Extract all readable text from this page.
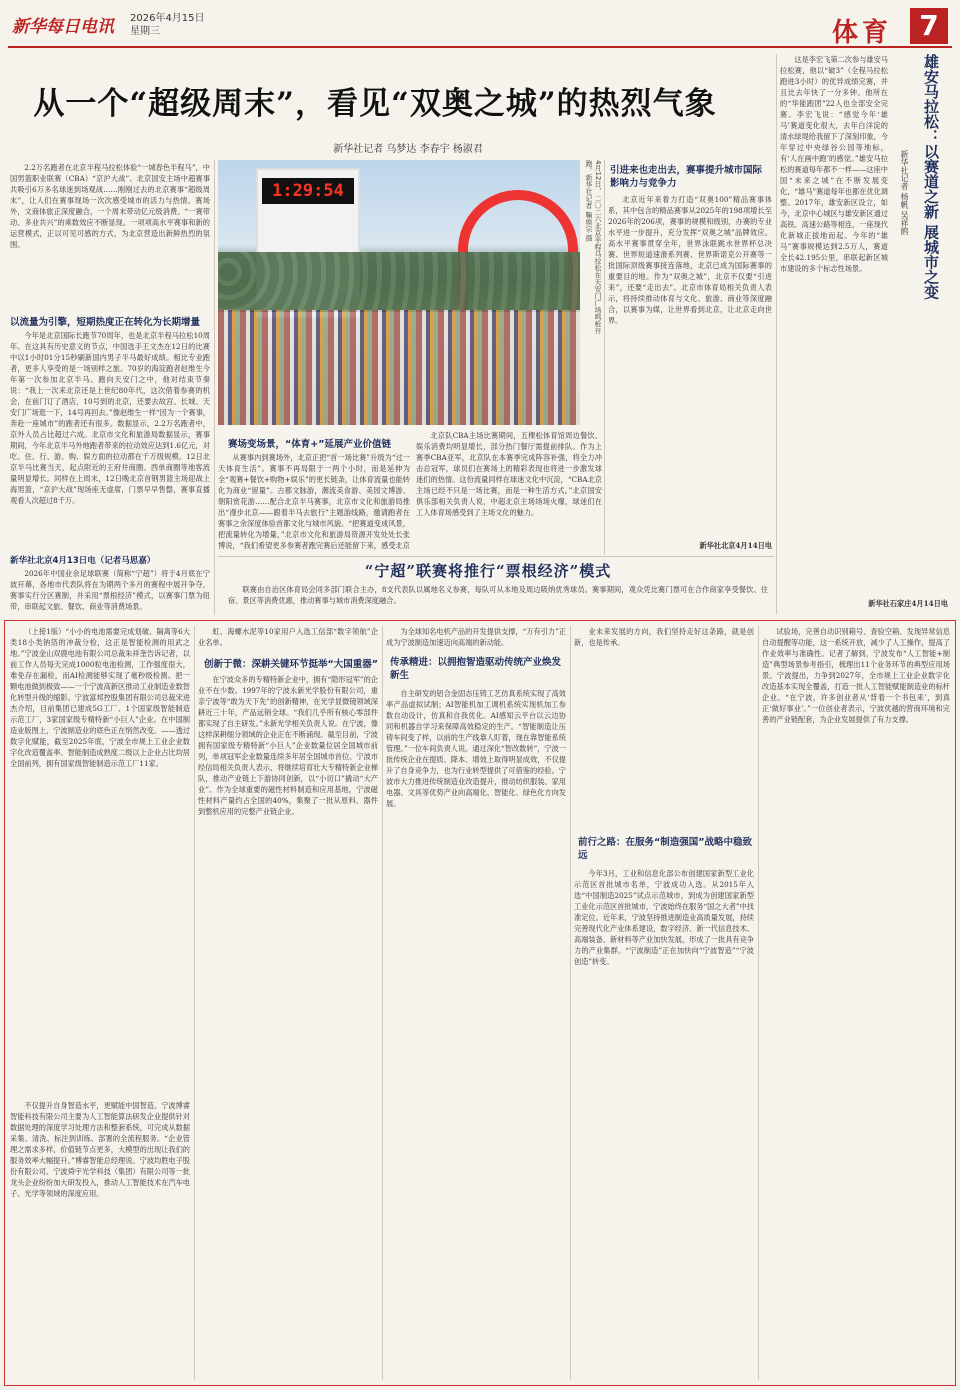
新华每日电讯 2026年4月15日
星期三	体育 7
从一个“超级周末”，看见“双奥之城”的热烈气象
新华社记者 乌梦达 李春宇 杨淑君

2.2万名跑者在北京半程马拉松体验“一城春色半程马”，中国男篮职业联赛（CBA）“京沪大战”、北京国安主场中超赛事共吸引6万多名球迷到场观战……刚刚过去的北京赛事“超级周末”，让人们在赛事现场一次次感受城市的活力与热情。赛场外，文商体旅正深度融合，一个周末带动亿元级消费。“一赛带动、多业共兴”的乘数效应不断显现。一项项高水平赛事和新的运营模式，正以可见可感的方式，为北京营造出新鲜热烈的氛围。

以流量为引擎，短期热度正在转化为长期增量

今年是北京国际长跑节70周年，也是北京半程马拉松10周年。在这具有历史意义的节点，中国选手王文杰在12日的比赛中以1小时01分15秒刷新国内男子半马最好成绩。相比专业跑者，更多人享受的是一场别样之旅。70岁的海淀跑者赵维生今年第一次参加北京半马。跑向天安门之中，他对结束节奏说：“我上一次来北京还是上世纪80年代，这次借着参赛的机会，在前门订了酒店，10号到的北京，还要去故宫、长城、天安门广场逛一下，14号再回去。”像赵维生一样“因为一个赛事，奔赴一座城市”的跑者还有很多。数据显示，2.2万名跑者中，京外人员占比超过六成。北京市文化和旅游局数据显示，赛事期间，今年北京半马外地跑者带来的拉动效应达到1.6亿元，对吃、住、行、游、购、娱方面的拉动都在千万级规模。12日北京半马比赛当天，起点附近的王府井商圈、西单商圈等地客流量明显增长。同样在上周末，12日晚北京首钢男篮主场迎战上海男篮，“京沪大战”现场座无虚席，门票早早售罄，赛事直播观看人次超过8千万。

新华社北京4月13日电（记者马思嘉）

2026年中国业余足球联赛（简称“宁超”）将于4月底在宁波开幕，各地市代表队将在为期两个多月的赛程中展开争夺，赛事实行分区赛制，并采用“票根经济”模式，以赛事门票为纽带，串联起文旅、餐饮、商业等消费场景。

1:29:54	4月12日，二〇二六北京半程马拉松在天安门广场鸣枪开跑。新华社记者 鞠焕宗 摄
赛场变场景，“体育+”延展产业价值链

从赛事内到赛场外，北京正把“首一场比赛”升级为“过一天体育生活”。赛事不再局限于一两个小时，而是延伸为全“观赛+餐饮+购物+娱乐”的更长链条，让体育流量也能转化为商业“留量”。古都文脉游，潮流美食游、美园文博游、朝阳赏花游……配合北京半马赛事，北京市文化和旅游局推出“漫步北京——跟着半马去旅行”主题游线路，邀请跑者在赛事之余深度体验首都文化与城市风貌。“把赛道变成风景，把流量转化为增量，”北京市文化和旅游局资源开发处处长张博说，“我们希望更多参赛者跑完赛后还能留下来，感受北京

北京队CBA主场比赛期间，五棵松体育馆周边餐饮、娱乐消费均明显增长，部分热门餐厅需提前排队。作为上赛季CBA亚军，北京队在本赛季完成阵容补强，将全力冲击总冠军，球员们在赛场上的精彩表现也将进一步激发球迷们的热情。这份流量同样在球迷文化中沉淀，“CBA北京主场已经不只是一场比赛，而是一种生活方式。”北京国安俱乐部相关负责人说，中超北京主场场场火爆，球迷们在工人体育场感受到了主场文化的魅力。

引进来也走出去，赛事提升城市国际影响力与竞争力

北京近年来着力打造“双奥100”精品赛事体系，其中包含的精品赛事从2025年的198项增长至2026年的206项，赛事的规模和级别，办赛的专业水平进一步提升，充分发挥“双奥之城”品牌效应。高水平赛事贯穿全年，世界泳联跳水世界杯总决赛、世界短道速滑系列赛、世界斯诺克公开赛等一批国际顶级赛事接连落地，北京已成为国际赛事的重要目的地。作为“双奥之城”，北京不仅要“引进来”，还要“走出去”。北京市体育局相关负责人表示，将持续推动体育与文化、旅游、商业等深度融合，以赛事为媒，让世界看到北京，让北京走向世界。

新华社北京4月14日电
“宁超”联赛将推行“票根经济”模式

联赛由自治区体育局会同多部门联合主办，8支代表队以属地名义参赛，每队可从本地及周边吸纳优秀球员。赛事期间，观众凭比赛门票可在合作商家享受餐饮、住宿、景区等消费优惠，推动赛事与城市消费深度融合。

这是李宏飞第二次参与雄安马拉松赛，他以“破3”（全程马拉松跑进3小时）的优异成绩完赛，并且比去年快了一分多钟。他所在的“华能跑团”22人也全部安全完赛。李宏飞说：“感觉今年‘雄马’赛道变化很大，去年白洋淀的清水绿堤给我留下了深刻印象，今年穿过中央绿谷公园等地标，有‘人在画中跑’的感觉。”雄安马拉松的赛道每年都不一样——这座中国“未来之城”在不断发展变化，“雄马”赛道每年也都在优化调整。2017年，雄安新区设立，如今，北京中心城区与雄安新区通过高铁、高速公路等相连，一座现代化新城正拔地而起。今年的“雄马”赛事规模达到2.5万人，赛道全长42.195公里，串联起新区城市建设的多个标志性场景。	雄安马拉松：以赛道之新 展城市之变
新华社记者 杨帆 吴祥鸥
新华社石家庄4月14日电

（上接1版）“小小的电池需要完成划破、隔离等6大类18小类钠箔的冲裁分检，这正是智能检测的用武之地。”宁波金山双鹿电池有限公司总裁朱祥奎告诉记者，以前工作人员每天完成1000粒电池检测，工作强度很大，难免存在漏检，而AI检测能够实现了毫秒级检测。把一颗电池做到极致——一个宁波高新区推动工业制造业数智化转型升级的缩影。宁波富邦控股集团有限公司总裁宋进杰介绍，目前集团已建成5G工厂、1个国家级智能制造示范工厂，3家国家级专精特新“小巨人”企业。在中国制造业版图上，宁波制造业的底色正在悄然改变。——透过数字化赋能，截至2025年底，宁波全市规上工业企业数字化改造覆盖率、智能制造成熟度二级以上企业占比均居全国前列，拥有国家级智能制造示范工厂11家。

不仅提升自身智造水平，更赋能中国智造。宁波博睿智能科技有限公司主要为人工智能算法研发企业提供针对数据处理的深度学习处理方法和整套系统，可完成从数据采集、清洗、标注到训练、部署的全流程服务。“企业管理之需求多样，价值链节点更多，大模型的出现让我们的服务效率大幅提升。”博睿智能总经理说。宁波均胜电子股份有限公司、宁波舜宇光学科技（集团）有限公司等一批龙头企业纷纷加大研发投入，推动人工智能技术在汽车电子、光学等领域的深度应用。

虹、海螺水泥等10家用户入选工信部“数字领航”企业名单。

创新于微：深耕关键环节挺举“大国重器”

在宁波众多的专精特新企业中，拥有“隐形冠军”的企业不在少数。1997年的宁波永新光学股份有限公司，重亲宁波等“敢为天下先”的创新精神，在光学显微镜领域深耕近三十年，产品远销全球。“我们几乎所有核心零部件都实现了自主研发。”永新光学相关负责人说。在宁波，像这样深耕细分领域的企业正在不断涌现。截至目前，宁波拥有国家级专精特新“小巨人”企业数量位居全国城市前列，单项冠军企业数量连续多年居全国城市首位。宁波市经信局相关负责人表示，将继续培育壮大专精特新企业梯队，推动产业链上下游协同创新，以“小切口”撬动“大产业”。作为全球重要的磁性材料制造和应用基地，宁波磁性材料产量约占全国的40%，集聚了一批从原料、器件到整机应用的完整产业链企业。

为全球知名电机产品的开发提供支撑，“万有引力”正成为宁波制造加速迈向高端的新动能。

传承精进：以拥抱智造驱动传统产业焕发新生

自主研发的铝合金固态压铸工艺仿真系统实现了高效率产品虚拟试制；AI智能机加工调机系统实现机加工参数自动设计，仿真和自我优化。AI感知云平台以云边协同和机器自学习来保障高效稳定的生产。“智能制造让压铸车间变了样，以前的生产线靠人盯着，现在靠智能系统管理。”一位车间负责人说。通过深化“智改数转”，宁波一批传统企业在提质、降本、增效上取得明显成效，不仅提升了自身竞争力，也为行业转型提供了可借鉴的经验。宁波市大力推进传统制造业改造提升，推动纺织服装、家用电器、文具等优势产业向高端化、智能化、绿色化方向发展。

业未来发展的方向，我们坚持走好这条路，就是创新，也是传承。

前行之路：在服务“制造强国”战略中稳致远

今年3月，工业和信息化部公布创建国家新型工业化示范区首批城市名单，宁波成功入选。从2015年入选“中国制造2025”试点示范城市，到成为创建国家新型工业化示范区首批城市，宁波始终在服务“国之大者”中找准定位。近年来，宁波坚持推进制造业高质量发展，持续完善现代化产业体系建设，数字经济、新一代信息技术、高端装备、新材料等产业加快发展，形成了一批具有竞争力的产业集群。“宁波制造”正在加快向“宁波智造”“宁波创造”转变。

试验场，完善自动识别箱号、查验空箱、发现异常信息自动提醒等功能，这一系统开放，减少了人工操作，提高了作业效率与准确性。记者了解到，宁波发布“人工智能+制造”典型场景参考指引，梳理出11个业务环节的典型应用场景。宁波提出，力争到2027年，全市规上工业企业数字化改造基本实现全覆盖，打造一批人工智能赋能制造业的标杆企业。“在宁波，许多创业者从‘背着一个书包来’，到真正‘做好事业’。”一位创业者表示，宁波优越的营商环境和完善的产业链配套，为企业发展提供了有力支撑。
